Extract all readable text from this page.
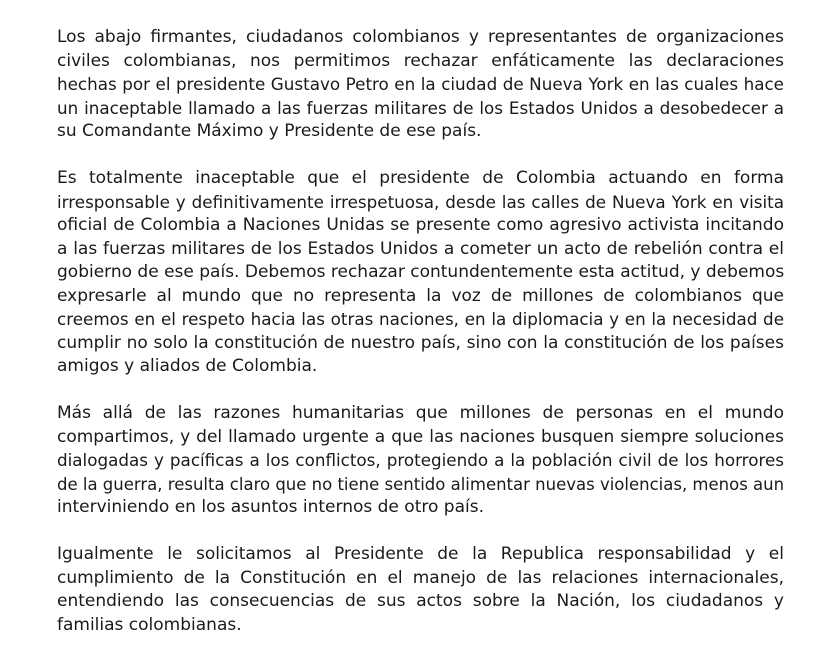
Los abajo firmantes, ciudadanos colombianos y representantes de organizaciones
civiles colombianas, nos permitimos rechazar enfáticamente las declaraciones
hechas por el presidente Gustavo Petro en la ciudad de Nueva York en las cuales hace
un inaceptable llamado a las fuerzas militares de los Estados Unidos a desobedecer a
su Comandante Máximo y Presidente de ese país.

Es totalmente inaceptable que el presidente de Colombia actuando en forma
irresponsable y definitivamente irrespetuosa, desde las calles de Nueva York en visita
oficial de Colombia a Naciones Unidas se presente como agresivo activista incitando
a las fuerzas militares de los Estados Unidos a cometer un acto de rebelión contra el
gobierno de ese país. Debemos rechazar contundentemente esta actitud, y debemos
expresarle al mundo que no representa la voz de millones de colombianos que
creemos en el respeto hacia las otras naciones, en la diplomacia y en la necesidad de
cumplir no solo la constitución de nuestro país, sino con la constitución de los países
amigos y aliados de Colombia.

Más allá de las razones humanitarias que millones de personas en el mundo
compartimos, y del llamado urgente a que las naciones busquen siempre soluciones
dialogadas y pacíficas a los conflictos, protegiendo a la población civil de los horrores
de la guerra, resulta claro que no tiene sentido alimentar nuevas violencias, menos aun
interviniendo en los asuntos internos de otro país.

Igualmente le solicitamos al Presidente de la Republica responsabilidad y el
cumplimiento de la Constitución en el manejo de las relaciones internacionales,
entendiendo las consecuencias de sus actos sobre la Nación, los ciudadanos y
familias colombianas.
